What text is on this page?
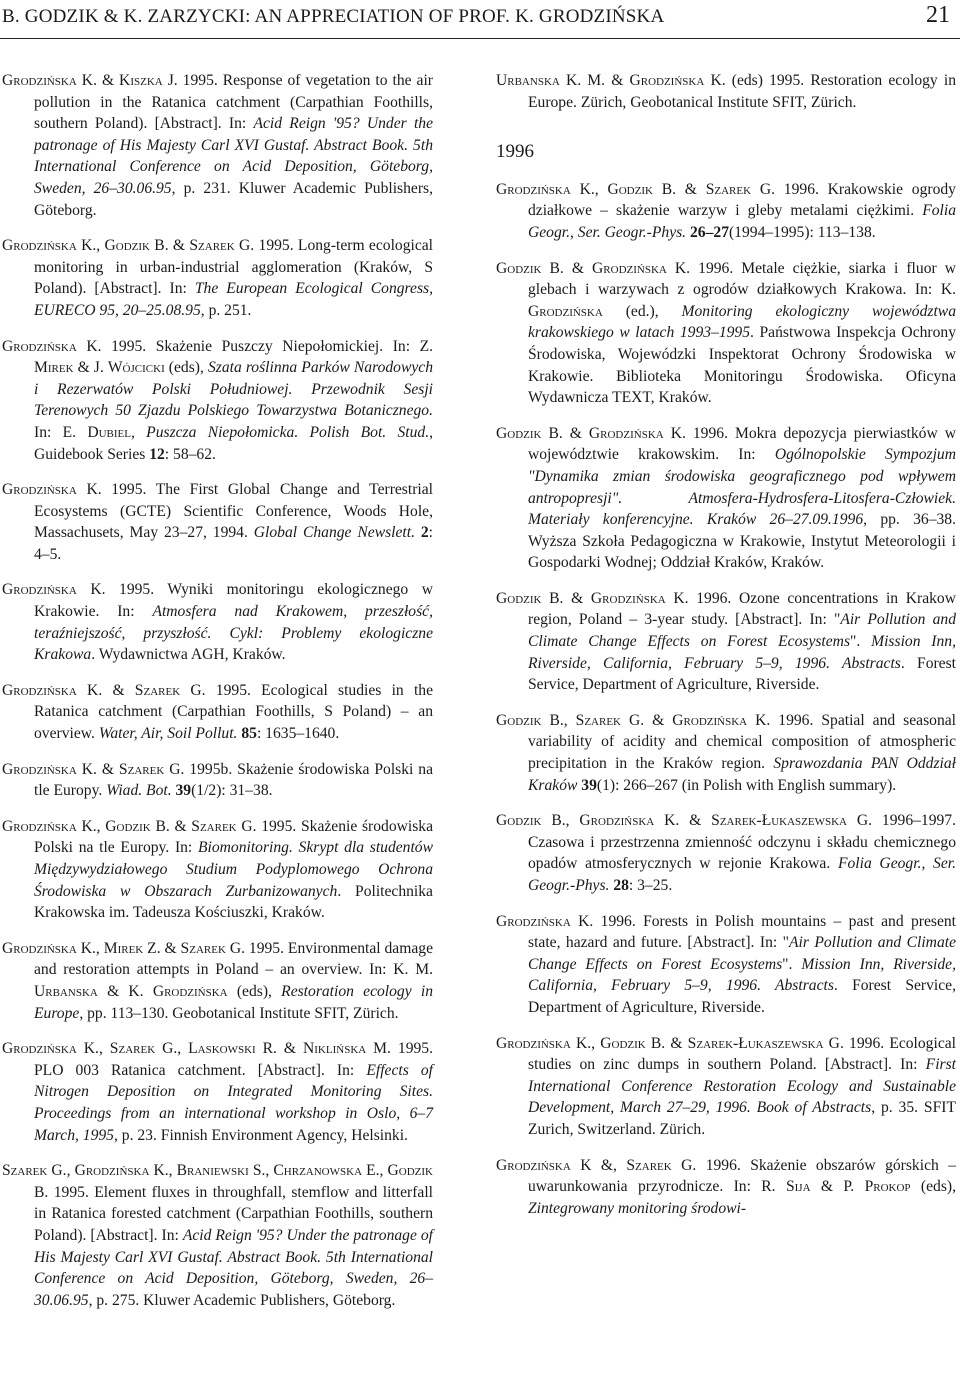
B. GODZIK & K. ZARZYCKI: AN APPRECIATION OF PROF. K. GRODZIŃSKA	21
Grodzińska K. & Kiszka J. 1995. Response of vegetation to the air pollution in the Ratanica catchment (Carpathian Foothills, southern Poland). [Abstract]. In: Acid Reign '95? Under the patronage of His Majesty Carl XVI Gustaf. Abstract Book. 5th International Conference on Acid Deposition, Göteborg, Sweden, 26–30.06.95, p. 231. Kluwer Academic Publishers, Göteborg.
Grodzińska K., Godzik B. & Szarek G. 1995. Long-term ecological monitoring in urban-industrial agglomeration (Kraków, S Poland). [Abstract]. In: The European Ecological Congress, EURECO 95, 20–25.08.95, p. 251.
Grodzińska K. 1995. Skażenie Puszczy Niepołomickiej. In: Z. Mirek & J. Wójcicki (eds), Szata roślinna Parków Narodowych i Rezerwatów Polski Południowej. Przewodnik Sesji Terenowych 50 Zjazdu Polskiego Towarzystwa Botanicznego. In: E. Dubiel, Puszcza Niepołomicka. Polish Bot. Stud., Guidebook Series 12: 58–62.
Grodzińska K. 1995. The First Global Change and Terrestrial Ecosystems (GCTE) Scientific Conference, Woods Hole, Massachusets, May 23–27, 1994. Global Change Newslett. 2: 4–5.
Grodzińska K. 1995. Wyniki monitoringu ekologicznego w Krakowie. In: Atmosfera nad Krakowem, przeszłość, teraźniejszość, przyszłość. Cykl: Problemy ekologiczne Krakowa. Wydawnictwa AGH, Kraków.
Grodzińska K. & Szarek G. 1995. Ecological studies in the Ratanica catchment (Carpathian Foothills, S Poland) – an overview. Water, Air, Soil Pollut. 85: 1635–1640.
Grodzińska K. & Szarek G. 1995b. Skażenie środowiska Polski na tle Europy. Wiad. Bot. 39(1/2): 31–38.
Grodzińska K., Godzik B. & Szarek G. 1995. Skażenie środowiska Polski na tle Europy. In: Biomonitoring. Skrypt dla studentów Międzywydziałowego Studium Podyplomowego Ochrona Środowiska w Obszarach Zurbanizowanych. Politechnika Krakowska im. Tadeusza Kościuszki, Kraków.
Grodzińska K., Mirek Z. & Szarek G. 1995. Environmental damage and restoration attempts in Poland – an overview. In: K. M. Urbanska & K. Grodzińska (eds), Restoration ecology in Europe, pp. 113–130. Geobotanical Institute SFIT, Zürich.
Grodzińska K., Szarek G., Laskowski R. & Niklińska M. 1995. PLO 003 Ratanica catchment. [Abstract]. In: Effects of Nitrogen Deposition on Integrated Monitoring Sites. Proceedings from an international workshop in Oslo, 6–7 March, 1995, p. 23. Finnish Environment Agency, Helsinki.
Szarek G., Grodzińska K., Braniewski S., Chrzanowska E., Godzik B. 1995. Element fluxes in throughfall, stemflow and litterfall in Ratanica forested catchment (Carpathian Foothills, southern Poland). [Abstract]. In: Acid Reign '95? Under the patronage of His Majesty Carl XVI Gustaf. Abstract Book. 5th International Conference on Acid Deposition, Göteborg, Sweden, 26–30.06.95, p. 275. Kluwer Academic Publishers, Göteborg.
Urbanska K. M. & Grodzińska K. (eds) 1995. Restoration ecology in Europe. Zürich, Geobotanical Institute SFIT, Zürich.
1996
Grodzińska K., Godzik B. & Szarek G. 1996. Krakowskie ogrody działkowe – skażenie warzyw i gleby metalami ciężkimi. Folia Geogr., Ser. Geogr.-Phys. 26–27(1994–1995): 113–138.
Godzik B. & Grodzińska K. 1996. Metale ciężkie, siarka i fluor w glebach i warzywach z ogrodów działkowych Krakowa. In: K. Grodzińska (ed.), Monitoring ekologiczny województwa krakowskiego w latach 1993–1995. Państwowa Inspekcja Ochrony Środowiska, Wojewódzki Inspektorat Ochrony Środowiska w Krakowie. Biblioteka Monitoringu Środowiska. Oficyna Wydawnicza TEXT, Kraków.
Godzik B. & Grodzińska K. 1996. Mokra depozycja pierwiastków w województwie krakowskim. In: Ogólnopolskie Sympozjum "Dynamika zmian środowiska geograficznego pod wpływem antropopresji". Atmosfera-Hydrosfera-Litosfera-Człowiek. Materiały konferencyjne. Kraków 26–27.09.1996, pp. 36–38. Wyższa Szkoła Pedagogiczna w Krakowie, Instytut Meteorologii i Gospodarki Wodnej; Oddział Kraków, Kraków.
Godzik B. & Grodzińska K. 1996. Ozone concentrations in Krakow region, Poland – 3-year study. [Abstract]. In: "Air Pollution and Climate Change Effects on Forest Ecosystems". Mission Inn, Riverside, California, February 5–9, 1996. Abstracts. Forest Service, Department of Agriculture, Riverside.
Godzik B., Szarek G. & Grodzińska K. 1996. Spatial and seasonal variability of acidity and chemical composition of atmospheric precipitation in the Kraków region. Sprawozdania PAN Oddział Kraków 39(1): 266–267 (in Polish with English summary).
Godzik B., Grodzińska K. & Szarek-Łukaszewska G. 1996–1997. Czasowa i przestrzenna zmienność odczynu i składu chemicznego opadów atmosferycznych w rejonie Krakowa. Folia Geogr., Ser. Geogr.-Phys. 28: 3–25.
Grodzińska K. 1996. Forests in Polish mountains – past and present state, hazard and future. [Abstract]. In: "Air Pollution and Climate Change Effects on Forest Ecosystems". Mission Inn, Riverside, California, February 5–9, 1996. Abstracts. Forest Service, Department of Agriculture, Riverside.
Grodzińska K., Godzik B. & Szarek-Łukaszewska G. 1996. Ecological studies on zinc dumps in southern Poland. [Abstract]. In: First International Conference Restoration Ecology and Sustainable Development, March 27–29, 1996. Book of Abstracts, p. 35. SFIT Zurich, Switzerland. Zürich.
Grodzińska K &, Szarek G. 1996. Skażenie obszarów górskich – uwarunkowania przyrodnicze. In: R. Sija & P. Prokop (eds), Zintegrowany monitoring środowi-
